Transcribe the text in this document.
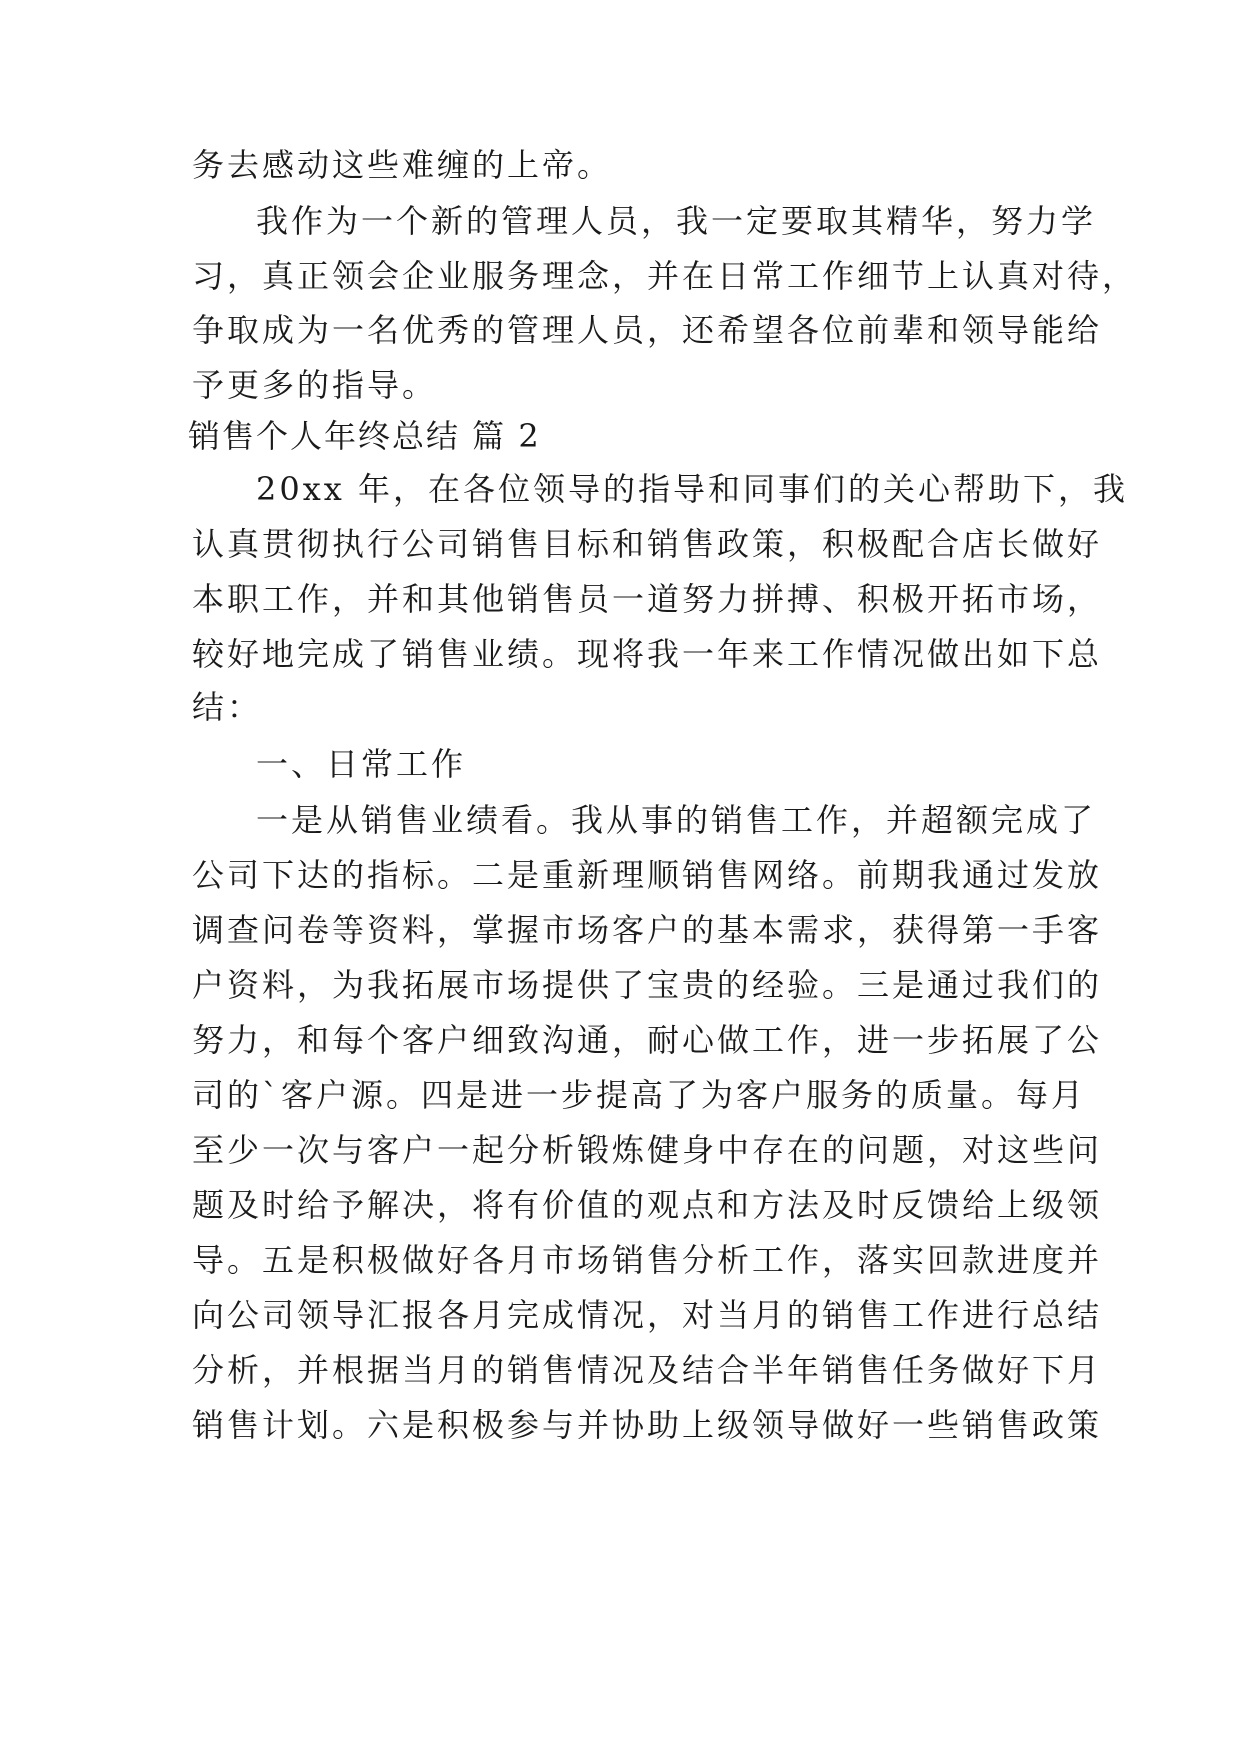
务去感动这些难缠的上帝。
我作为一个新的管理人员，我一定要取其精华，努力学
习，真正领会企业服务理念，并在日常工作细节上认真对待，
争取成为一名优秀的管理人员，还希望各位前辈和领导能给
予更多的指导。
销售个人年终总结 篇 2
20xx 年，在各位领导的指导和同事们的关心帮助下，我
认真贯彻执行公司销售目标和销售政策，积极配合店长做好
本职工作，并和其他销售员一道努力拼搏、积极开拓市场，
较好地完成了销售业绩。现将我一年来工作情况做出如下总
结：
一、日常工作
一是从销售业绩看。我从事的销售工作，并超额完成了
公司下达的指标。二是重新理顺销售网络。前期我通过发放
调查问卷等资料，掌握市场客户的基本需求，获得第一手客
户资料，为我拓展市场提供了宝贵的经验。三是通过我们的
努力，和每个客户细致沟通，耐心做工作，进一步拓展了公
司的`客户源。四是进一步提高了为客户服务的质量。每月
至少一次与客户一起分析锻炼健身中存在的问题，对这些问
题及时给予解决，将有价值的观点和方法及时反馈给上级领
导。五是积极做好各月市场销售分析工作，落实回款进度并
向公司领导汇报各月完成情况，对当月的销售工作进行总结
分析，并根据当月的销售情况及结合半年销售任务做好下月
销售计划。六是积极参与并协助上级领导做好一些销售政策
